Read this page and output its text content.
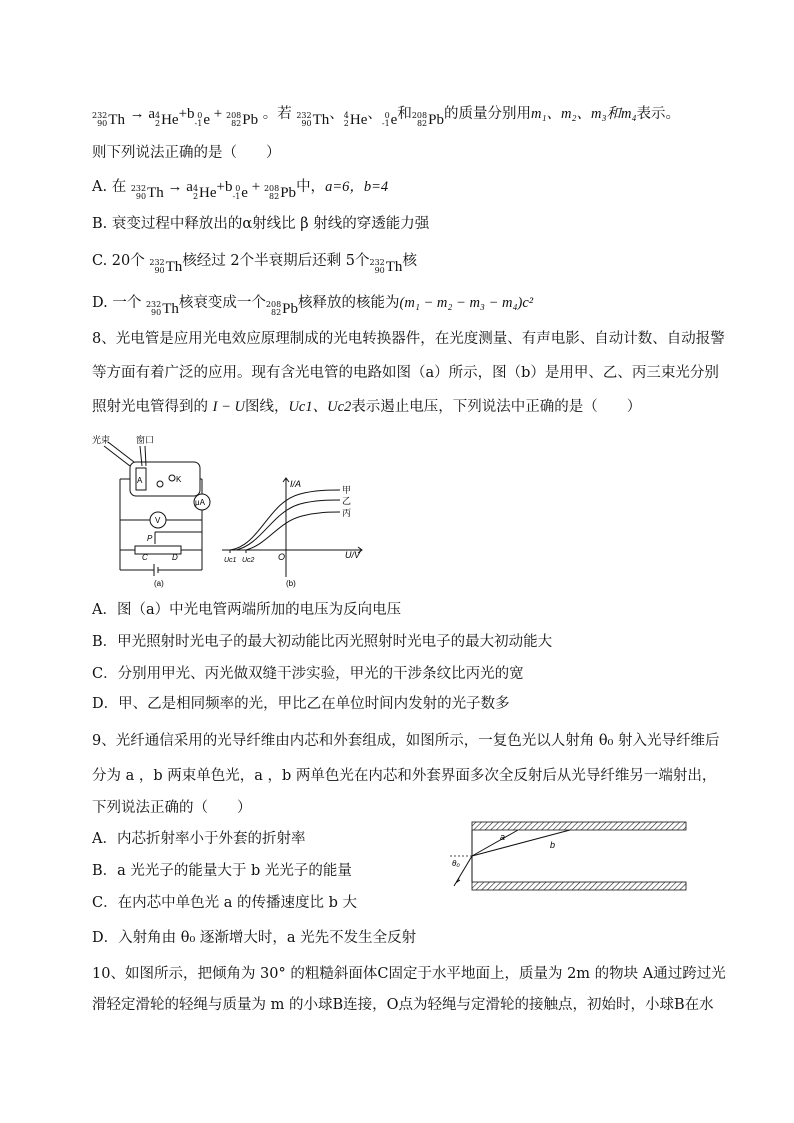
232
90 Th → a 4
2 He +b 0
-1 e + 208
82 Pb 。若 232
90 Th 、 4
2 He 、 0
-1 e 和 208
82 Pb 的质量分别用m₁、m₂、m₃和m₄表示。
则下列说法正确的是（　　）
A. 在 232
90 Th → a 4
2 He +b 0
-1 e + 208
82 Pb 中，a=6，b=4
B. 衰变过程中释放出的α射线比 β 射线的穿透能力强
C. 20个 232
90 Th 核经过 2个半衰期后还剩 5个 232
90 Th 核
D. 一个 232
90 Th 核衰变成一个 208
82 Pb 核释放的核能为(m₁ − m₂ − m₃ − m₄)c²
8、光电管是应用光电效应原理制成的光电转换器件，在光度测量、有声电影、自动计数、自动报警
等方面有着广泛的应用。现有含光电管的电路如图（a）所示，图（b）是用甲、乙、丙三束光分别
照射光电管得到的 I − U图线，Uc1、Uc2表示遏止电压，下列说法中正确的是（　　）
光束	窗口
A	K
μA
V
P
C	D
(a)
I/A
U/V
O
甲
乙
丙
Uc1 Uc2
(b)
A．图（a）中光电管两端所加的电压为反向电压
B．甲光照射时光电子的最大初动能比丙光照射时光电子的最大初动能大
C．分别用甲光、丙光做双缝干涉实验，甲光的干涉条纹比丙光的宽
D．甲、乙是相同频率的光，甲比乙在单位时间内发射的光子数多
9、光纤通信采用的光导纤维由内芯和外套组成，如图所示，一复色光以人射角 θ₀ 射入光导纤维后
分为 a ，b 两束单色光，a ，b 两单色光在内芯和外套界面多次全反射后从光导纤维另一端射出，
下列说法正确的（　　）
A．内芯折射率小于外套的折射率
B．a 光光子的能量大于 b 光光子的能量
C．在内芯中单色光 a 的传播速度比 b 大
D．入射角由 θ₀ 逐渐增大时，a 光先不发生全反射
a
b
θ₀
10、如图所示，把倾角为 30° 的粗糙斜面体C固定于水平地面上，质量为 2m 的物块 A通过跨过光
滑轻定滑轮的轻绳与质量为 m 的小球B连接，O点为轻绳与定滑轮的接触点，初始时，小球B在水
